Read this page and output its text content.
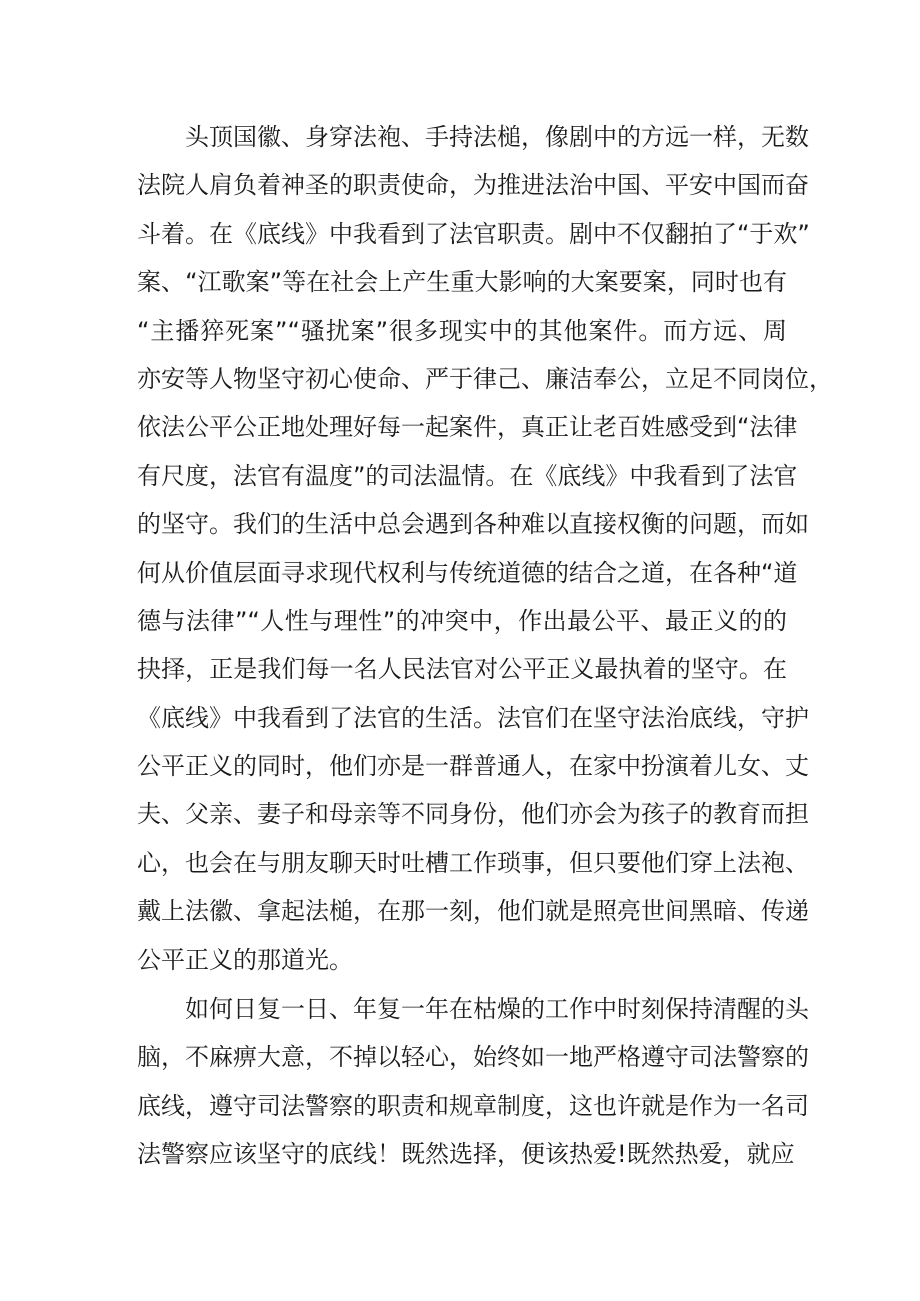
头顶国徽、身穿法袍、手持法槌，像剧中的方远一样，无数
法院人肩负着神圣的职责使命，为推进法治中国、平安中国而奋
斗着。在《底线》中我看到了法官职责。剧中不仅翻拍了“于欢”
案、“江歌案”等在社会上产生重大影响的大案要案，同时也有
“主播猝死案”“骚扰案”很多现实中的其他案件。而方远、周
亦安等人物坚守初心使命、严于律己、廉洁奉公，立足不同岗位，
依法公平公正地处理好每一起案件，真正让老百姓感受到“法律
有尺度，法官有温度”的司法温情。在《底线》中我看到了法官
的坚守。我们的生活中总会遇到各种难以直接权衡的问题，而如
何从价值层面寻求现代权利与传统道德的结合之道，在各种“道
德与法律”“人性与理性”的冲突中，作出最公平、最正义的的
抉择，正是我们每一名人民法官对公平正义最执着的坚守。在
《底线》中我看到了法官的生活。法官们在坚守法治底线，守护
公平正义的同时，他们亦是一群普通人，在家中扮演着儿女、丈
夫、父亲、妻子和母亲等不同身份，他们亦会为孩子的教育而担
心，也会在与朋友聊天时吐槽工作琐事，但只要他们穿上法袍、
戴上法徽、拿起法槌，在那一刻，他们就是照亮世间黑暗、传递
公平正义的那道光。
如何日复一日、年复一年在枯燥的工作中时刻保持清醒的头
脑，不麻痹大意，不掉以轻心，始终如一地严格遵守司法警察的
底线，遵守司法警察的职责和规章制度，这也许就是作为一名司
法警察应该坚守的底线！既然选择，便该热爱!既然热爱，就应
